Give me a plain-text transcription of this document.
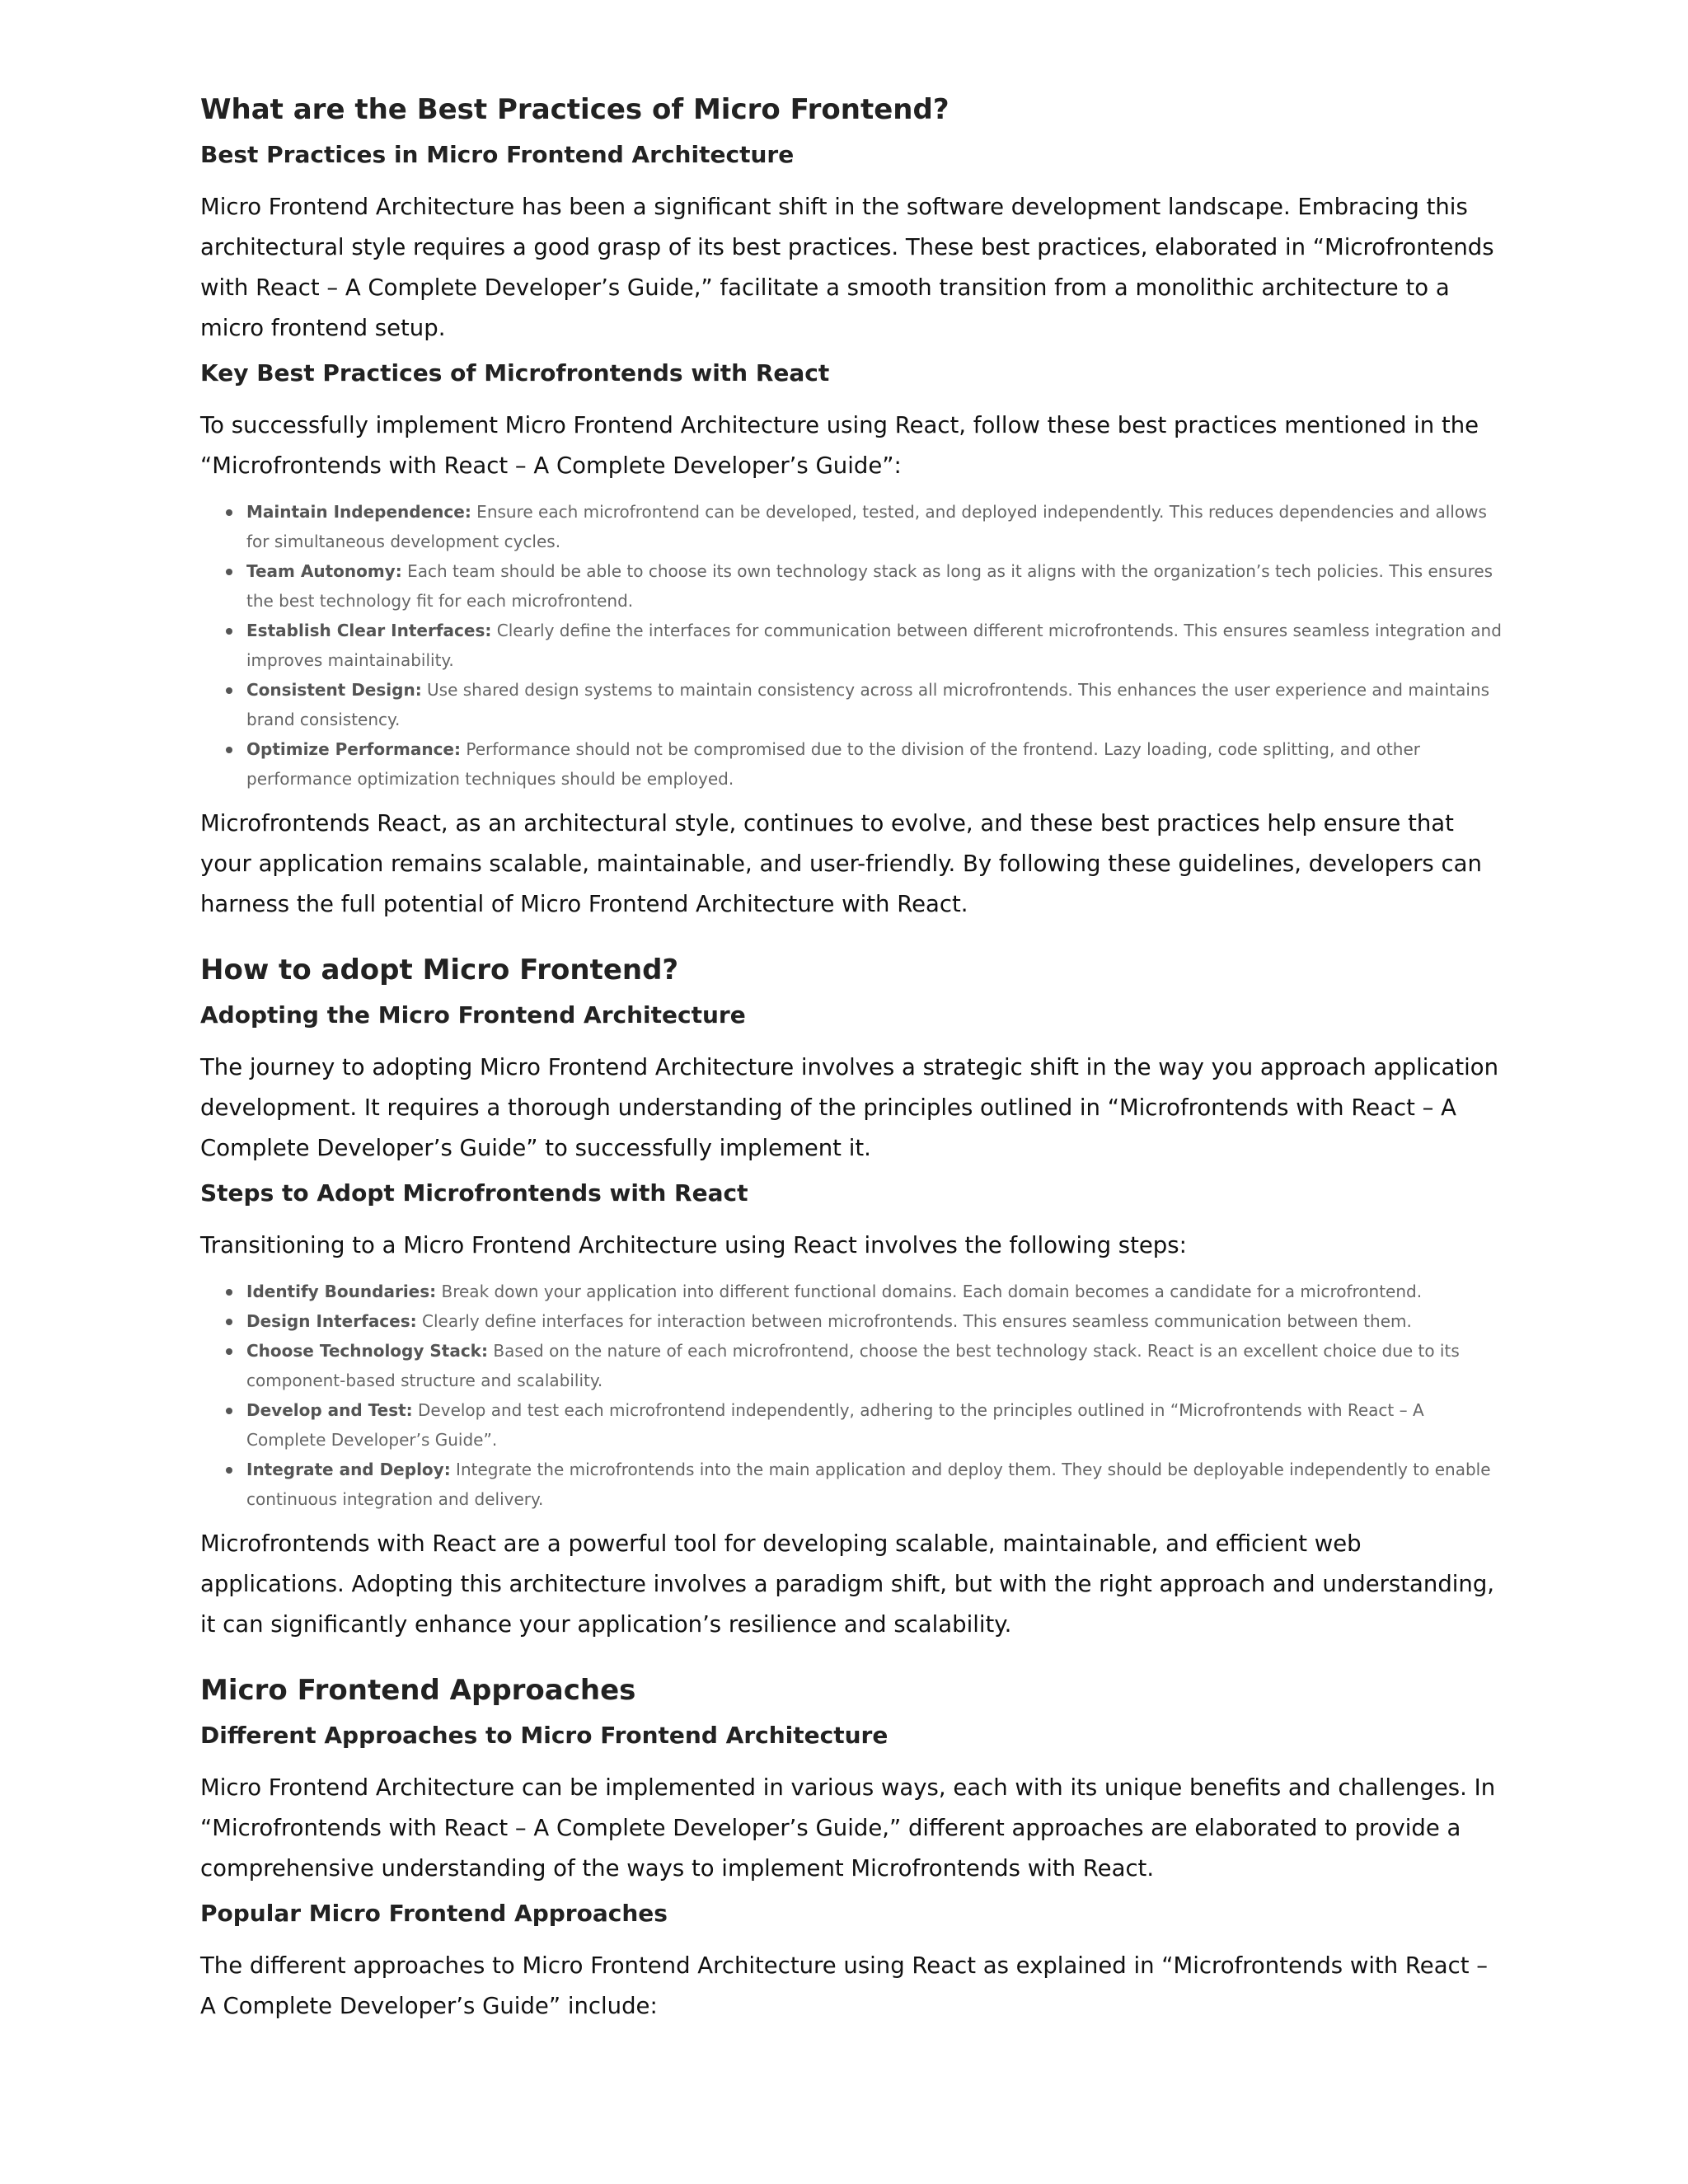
What are the Best Practices of Micro Frontend?
Best Practices in Micro Frontend Architecture

Micro Frontend Architecture has been a significant shift in the software development landscape. Embracing this architectural style requires a good grasp of its best practices. These best practices, elaborated in “Microfrontends with React – A Complete Developer’s Guide,” facilitate a smooth transition from a monolithic architecture to a micro frontend setup.

Key Best Practices of Microfrontends with React

To successfully implement Micro Frontend Architecture using React, follow these best practices mentioned in the “Microfrontends with React – A Complete Developer’s Guide”:

Maintain Independence: Ensure each microfrontend can be developed, tested, and deployed independently. This reduces dependencies and allows for simultaneous development cycles.
Team Autonomy: Each team should be able to choose its own technology stack as long as it aligns with the organization’s tech policies. This ensures the best technology fit for each microfrontend.
Establish Clear Interfaces: Clearly define the interfaces for communication between different microfrontends. This ensures seamless integration and improves maintainability.
Consistent Design: Use shared design systems to maintain consistency across all microfrontends. This enhances the user experience and maintains brand consistency.
Optimize Performance: Performance should not be compromised due to the division of the frontend. Lazy loading, code splitting, and other performance optimization techniques should be employed.

Microfrontends React, as an architectural style, continues to evolve, and these best practices help ensure that your application remains scalable, maintainable, and user-friendly. By following these guidelines, developers can harness the full potential of Micro Frontend Architecture with React.

How to adopt Micro Frontend?
Adopting the Micro Frontend Architecture

The journey to adopting Micro Frontend Architecture involves a strategic shift in the way you approach application development. It requires a thorough understanding of the principles outlined in “Microfrontends with React – A Complete Developer’s Guide” to successfully implement it.

Steps to Adopt Microfrontends with React

Transitioning to a Micro Frontend Architecture using React involves the following steps:

Identify Boundaries: Break down your application into different functional domains. Each domain becomes a candidate for a microfrontend.
Design Interfaces: Clearly define interfaces for interaction between microfrontends. This ensures seamless communication between them.
Choose Technology Stack: Based on the nature of each microfrontend, choose the best technology stack. React is an excellent choice due to its component-based structure and scalability.
Develop and Test: Develop and test each microfrontend independently, adhering to the principles outlined in “Microfrontends with React – A Complete Developer’s Guide”.
Integrate and Deploy: Integrate the microfrontends into the main application and deploy them. They should be deployable independently to enable continuous integration and delivery.

Microfrontends with React are a powerful tool for developing scalable, maintainable, and efficient web applications. Adopting this architecture involves a paradigm shift, but with the right approach and understanding, it can significantly enhance your application’s resilience and scalability.

Micro Frontend Approaches
Different Approaches to Micro Frontend Architecture

Micro Frontend Architecture can be implemented in various ways, each with its unique benefits and challenges. In “Microfrontends with React – A Complete Developer’s Guide,” different approaches are elaborated to provide a comprehensive understanding of the ways to implement Microfrontends with React.

Popular Micro Frontend Approaches

The different approaches to Micro Frontend Architecture using React as explained in “Microfrontends with React – A Complete Developer’s Guide” include:
